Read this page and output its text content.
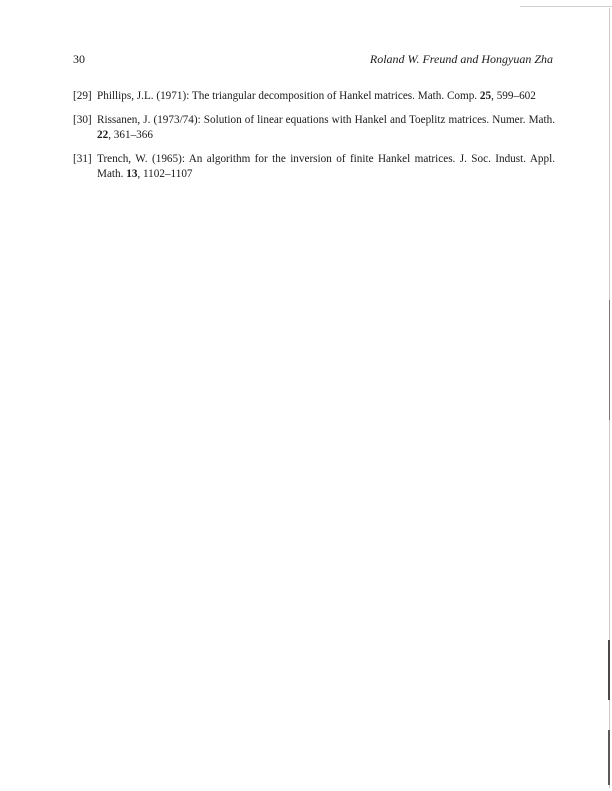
30	Roland W. Freund and Hongyuan Zha
[29] Phillips, J.L. (1971): The triangular decomposition of Hankel matrices. Math. Comp. 25, 599–602
[30] Rissanen, J. (1973/74): Solution of linear equations with Hankel and Toeplitz matrices. Numer. Math. 22, 361–366
[31] Trench, W. (1965): An algorithm for the inversion of finite Hankel matrices. J. Soc. Indust. Appl. Math. 13, 1102–1107
